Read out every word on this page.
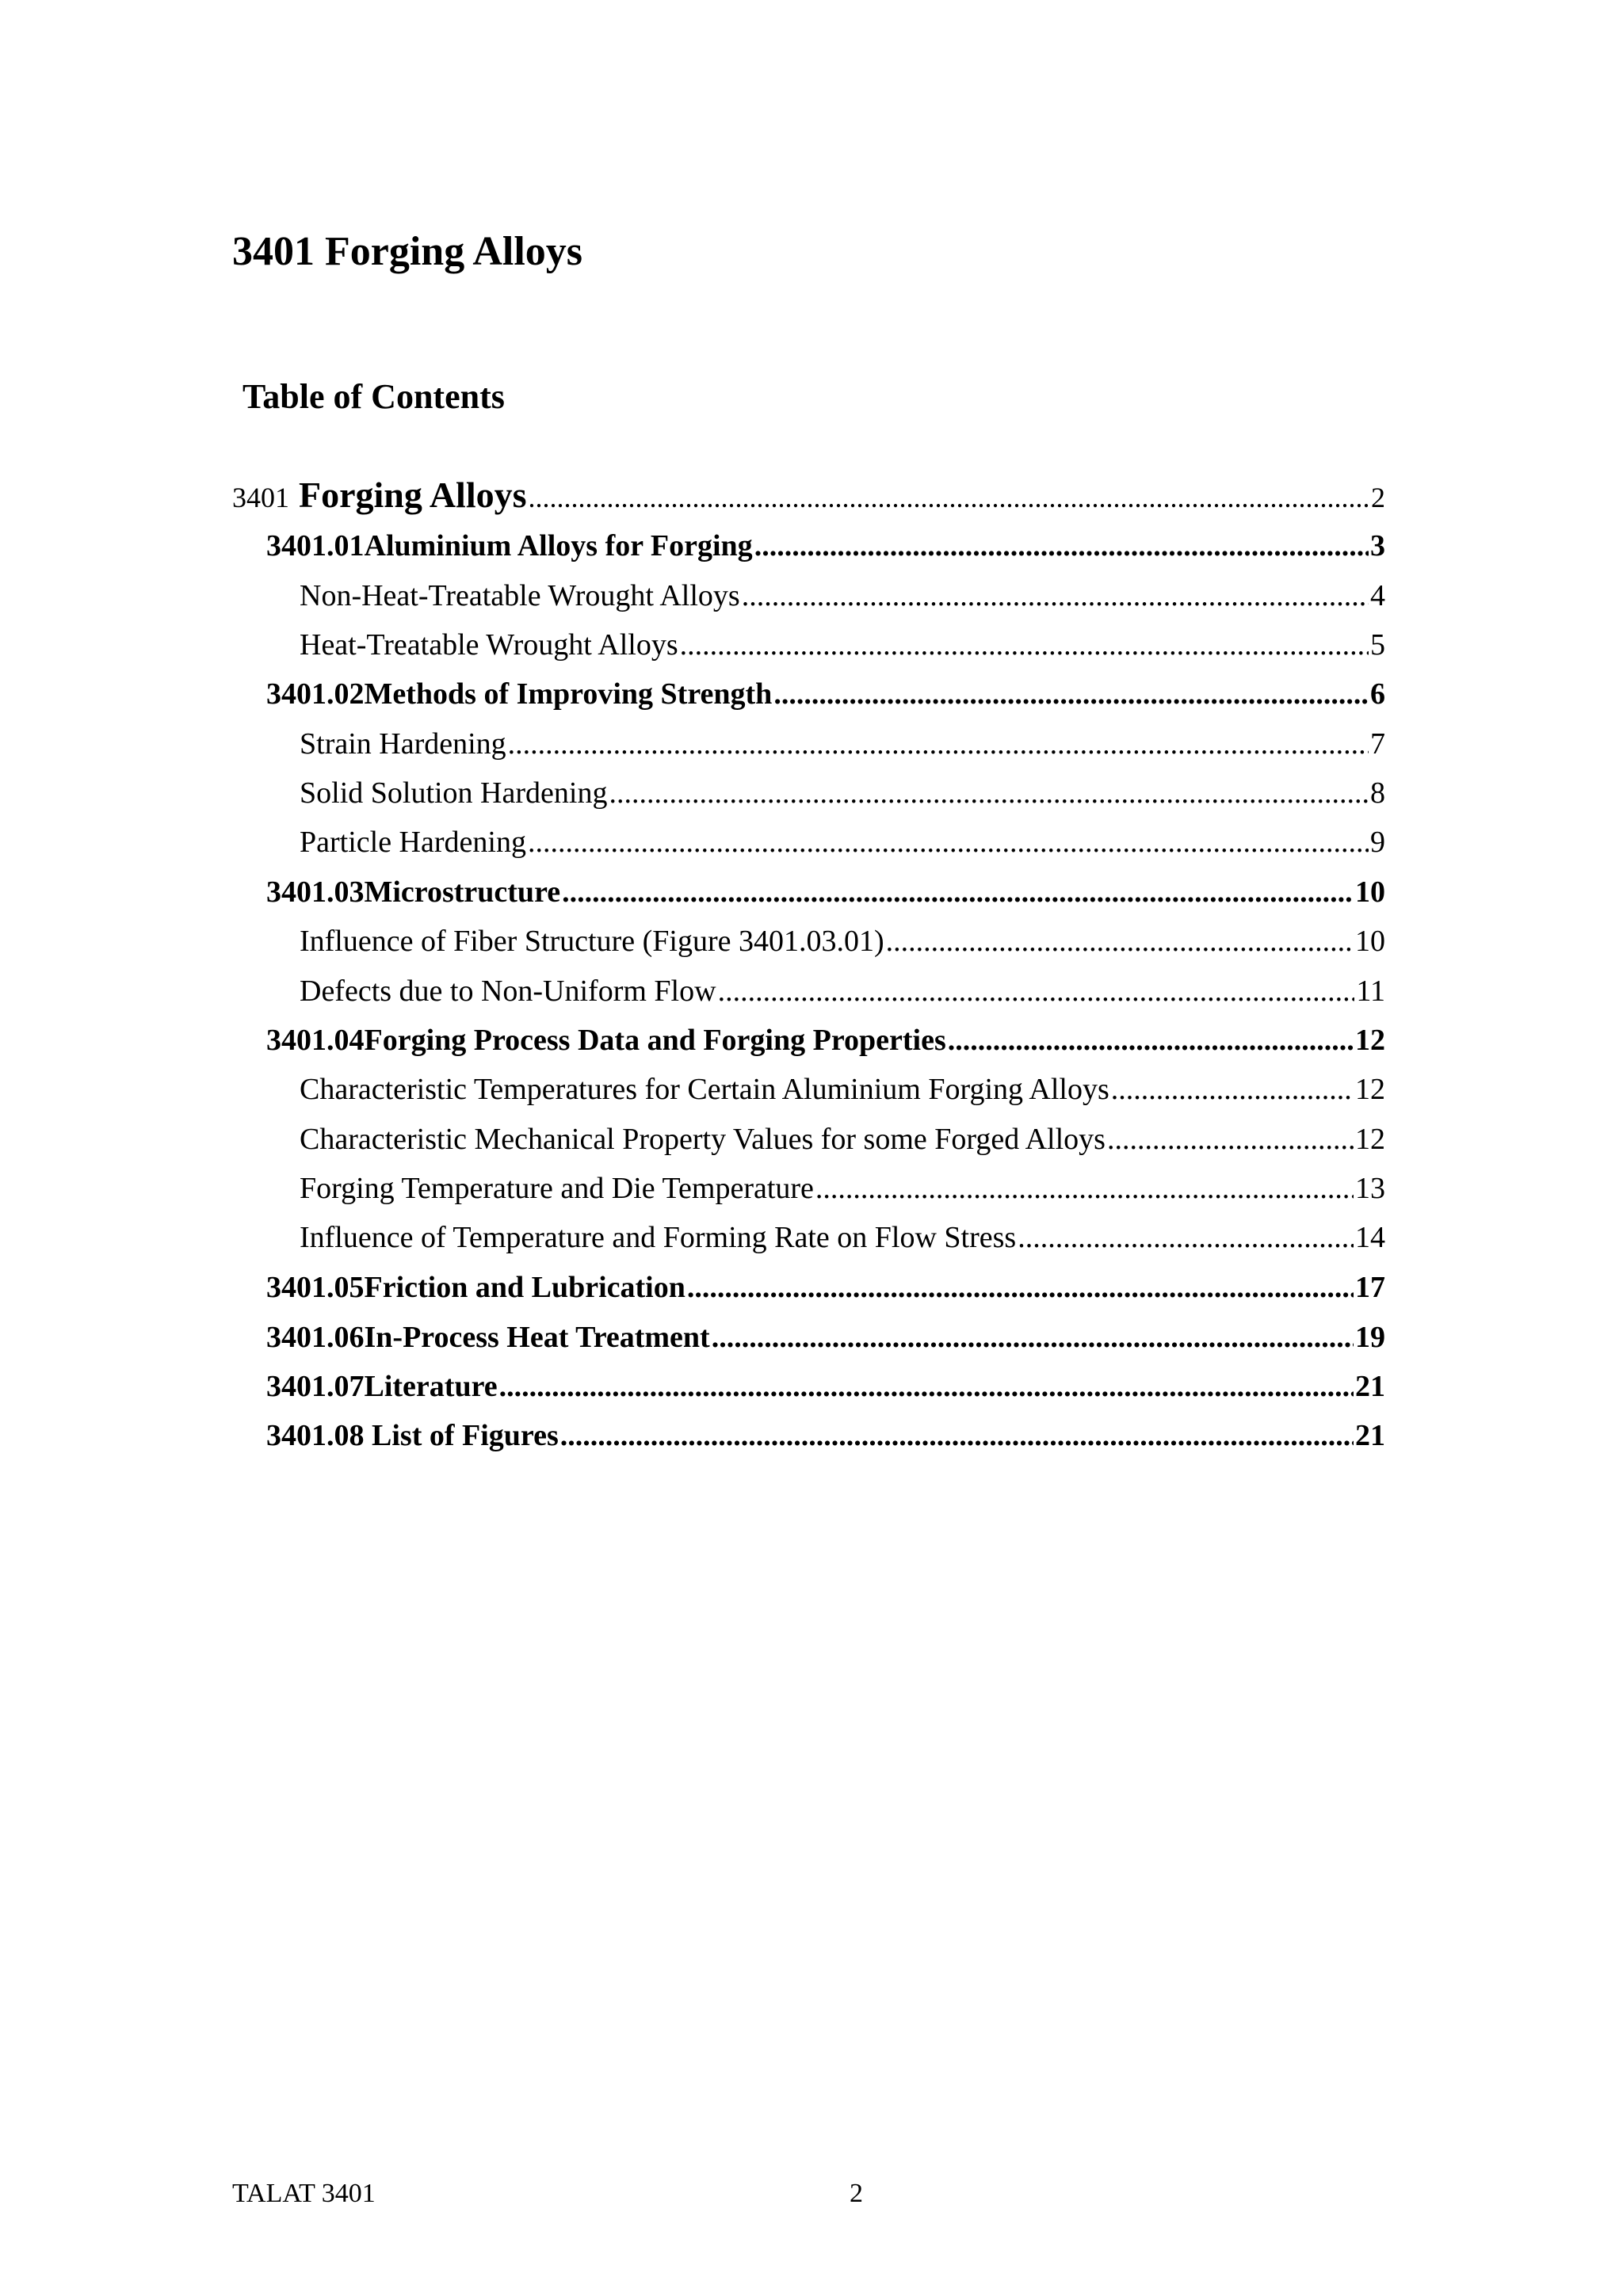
3401 Forging Alloys
Table of Contents
3401 Forging Alloys .....	2
3401.01 Aluminium Alloys for Forging .....	3
Non-Heat-Treatable Wrought Alloys .....	4
Heat-Treatable Wrought Alloys .....	5
3401.02 Methods of Improving Strength .....	6
Strain Hardening .....	7
Solid Solution Hardening .....	8
Particle Hardening .....	9
3401.03 Microstructure .....	10
Influence of Fiber Structure (Figure 3401.03.01) .....	10
Defects due to Non-Uniform Flow .....	11
3401.04 Forging Process Data and Forging Properties .....	12
Characteristic Temperatures for Certain Aluminium Forging Alloys .....	12
Characteristic Mechanical Property Values for some Forged Alloys .....	12
Forging Temperature and Die Temperature .....	13
Influence of Temperature and Forming Rate on Flow Stress .....	14
3401.05 Friction and Lubrication .....	17
3401.06 In-Process Heat Treatment .....	19
3401.07 Literature .....	21
3401.08 List of Figures .....	21
TALAT 3401	2
